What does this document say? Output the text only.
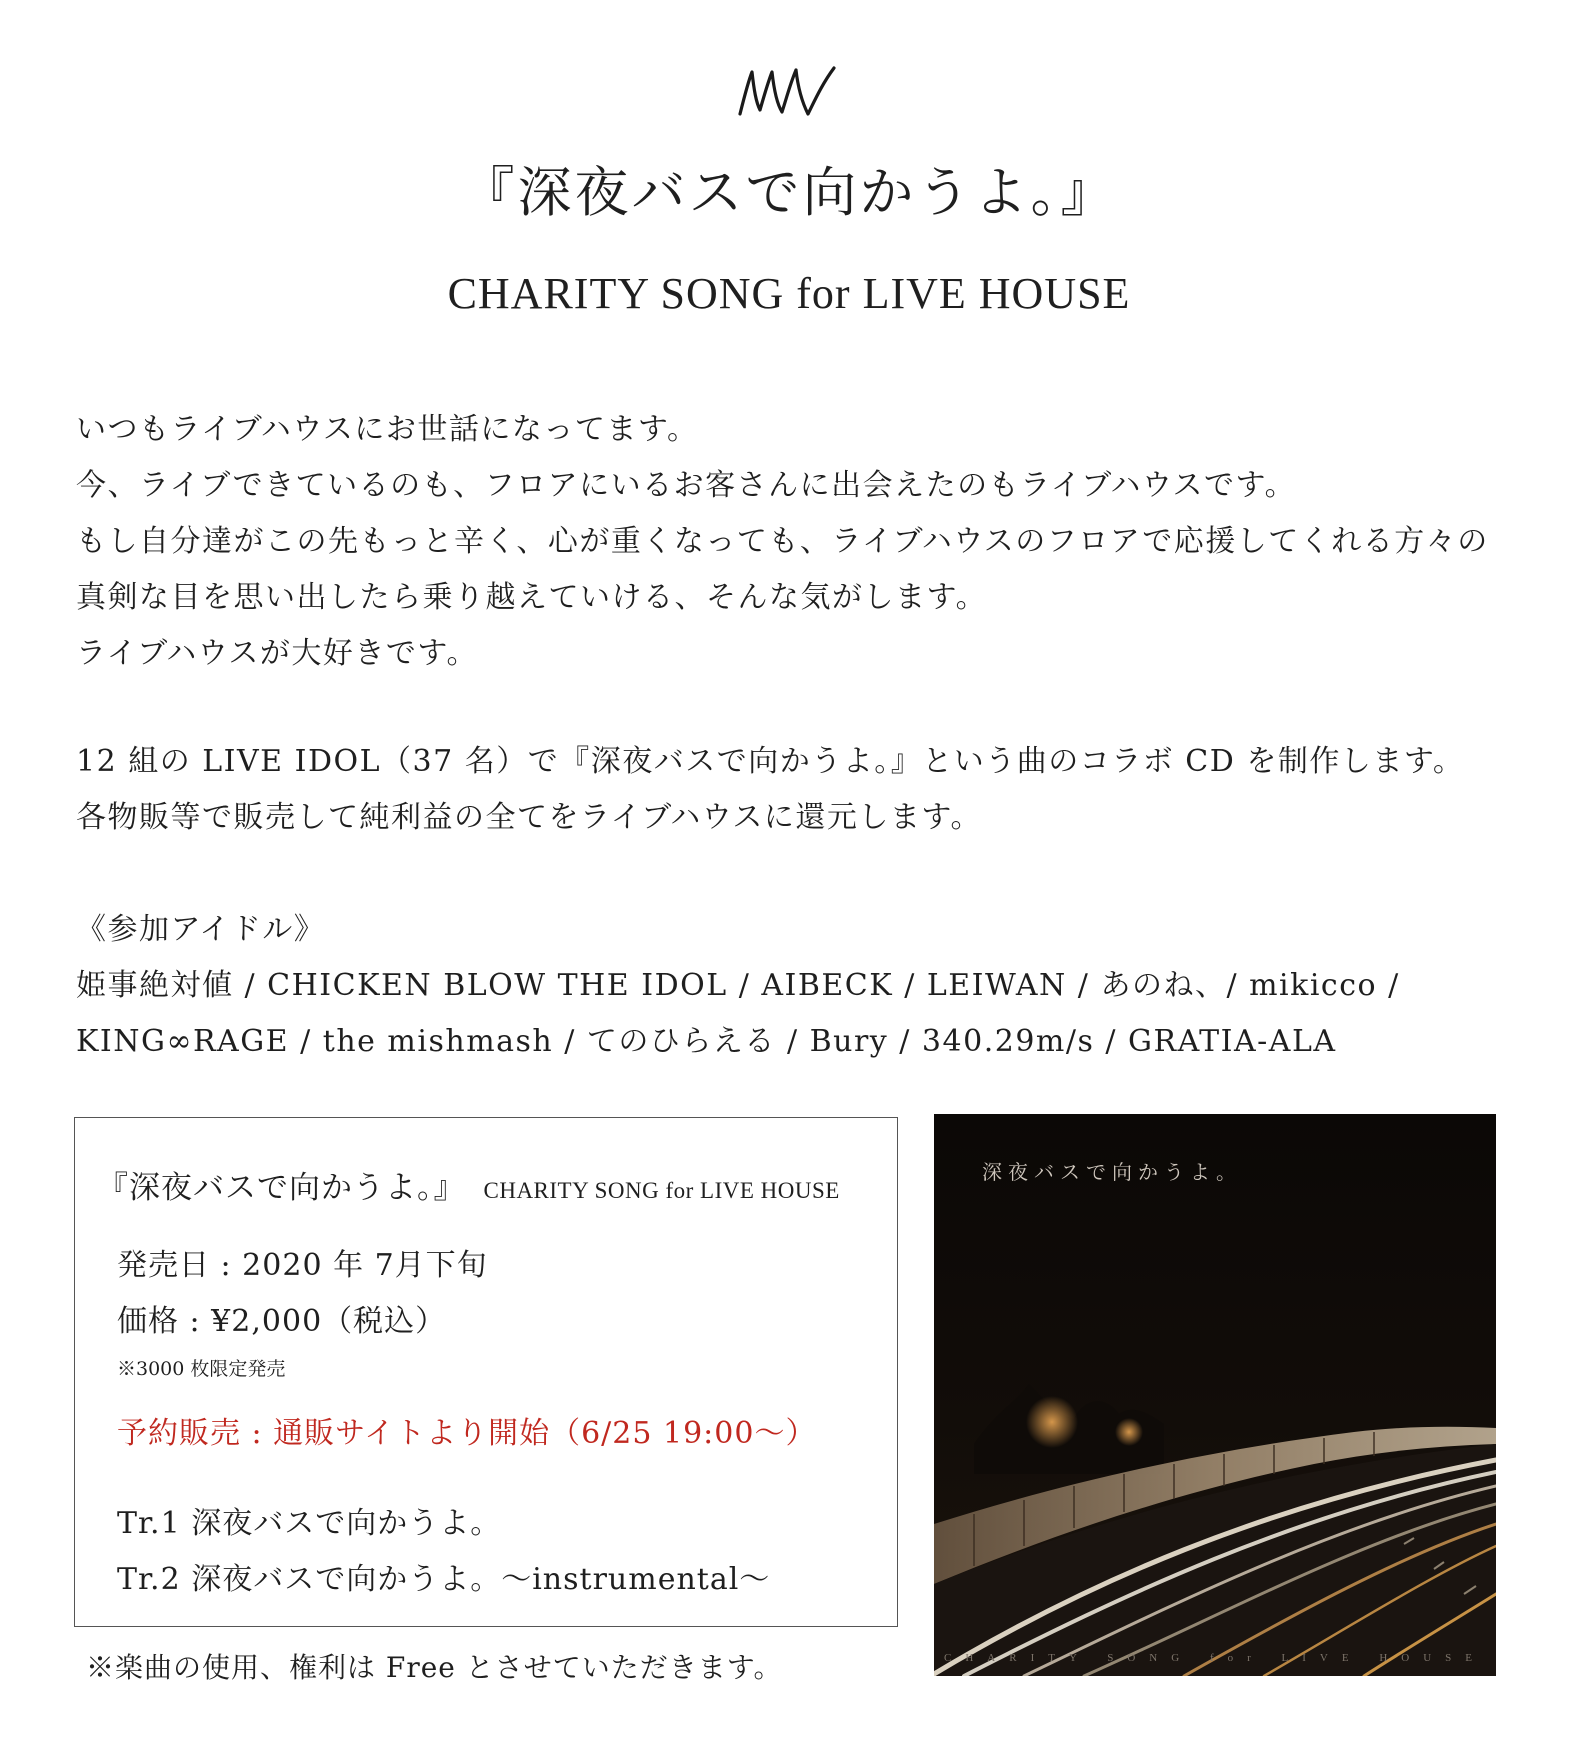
『深夜バスで向かうよ。』
CHARITY SONG for LIVE HOUSE
いつもライブハウスにお世話になってます。
今、ライブできているのも、フロアにいるお客さんに出会えたのもライブハウスです。
もし自分達がこの先もっと辛く、心が重くなっても、ライブハウスのフロアで応援してくれる方々の
真剣な目を思い出したら乗り越えていける、そんな気がします。
ライブハウスが大好きです。
12 組の LIVE IDOL（37 名）で『深夜バスで向かうよ。』という曲のコラボ CD を制作します。
各物販等で販売して純利益の全てをライブハウスに還元します。
《参加アイドル》
姫事絶対値 / CHICKEN BLOW THE IDOL / AIBECK / LEIWAN / あのね、/ mikicco /
KING∞RAGE / the mishmash / てのひらえる / Bury / 340.29m/s / GRATIA-ALA
『深夜バスで向かうよ。』 CHARITY SONG for LIVE HOUSE
発売日 : 2020 年 7月下旬
価格 : ¥2,000（税込）
※3000 枚限定発売
予約販売 : 通販サイトより開始（6/25 19:00〜）
Tr.1 深夜バスで向かうよ。
Tr.2 深夜バスで向かうよ。〜instrumental〜
※楽曲の使用、権利は Free とさせていただきます。
深夜バスで向かうよ。
CHARITY SONG for LIVE HOUSE
